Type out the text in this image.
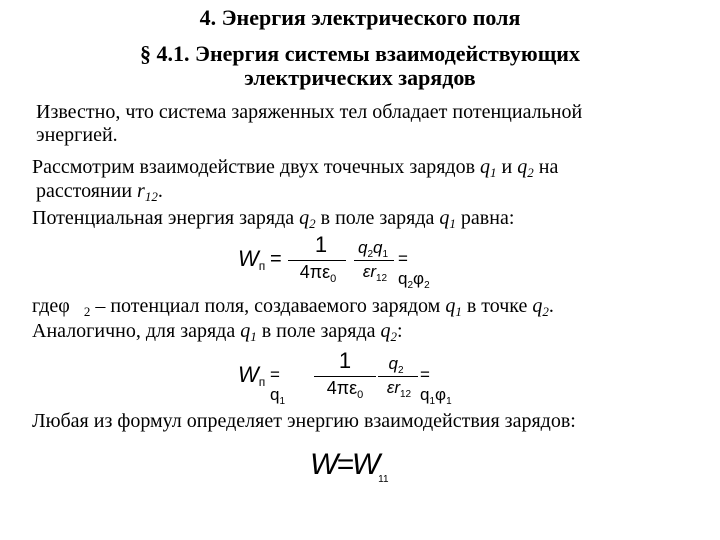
4. Энергия электрического поля
§ 4.1. Энергия системы взаимодействующих
электрических зарядов
Известно, что система заряженных тел обладает потенциальной
энергией.
Рассмотрим взаимодействие двух точечных зарядов $q_1$ и $q_2$ на
расстоянии $r_{12}$.
Потенциальная энергия заряда $q_2$ в поле заряда $q_1$ равна:
$W_п$ =
1
$4\pi\varepsilon_0$
$q_2q_1$
$\varepsilon r_{12}$
= $q_2\varphi_2$
гдеφ $_2$ – потенциал поля, создаваемого зарядом $q_1$ в точке $q_2$.
Аналогично, для заряда $q_1$ в поле заряда $q_2$:
$W_п = q_1$
1
$4\pi\varepsilon_0$
$q_2$
$\varepsilon r_{12}$
= $q_1\varphi_1$
Любая из формул определяет энергию взаимодействия зарядов:
$W=W_{11}$
